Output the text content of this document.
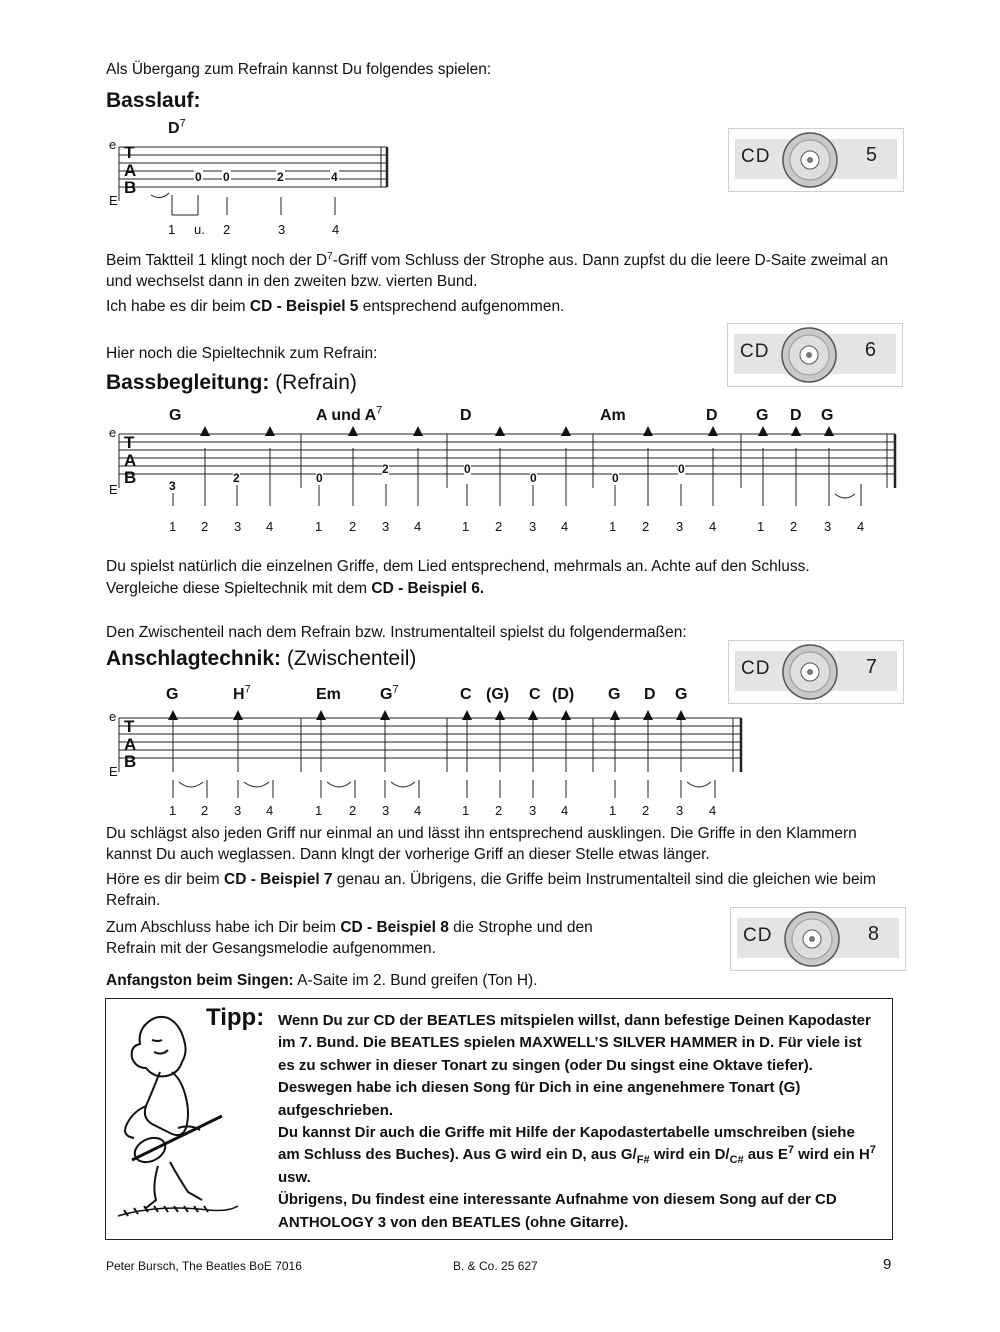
Als Übergang zum Refrain kannst Du folgendes spielen:
Basslauf:
$D^7$
e
E
T
A
B
0 0	2	4
1 u. 2	3	4
CD	5
Beim Taktteil 1 klingt noch der $D^7$-Griff vom Schluss der Strophe aus. Dann zupfst du die leere D-Saite zweimal an und wechselst dann in den zweiten bzw. vierten Bund.
Ich habe es dir beim CD - Beispiel 5 entsprechend aufgenommen.
Hier noch die Spieltechnik zum Refrain:
Bassbegleitung: (Refrain)
CD	6
G	A und $A^7$	D	Am	D G D G
e
E
T
A
B	3
2	0
2	0
0	0
0
1 2 3 4	1 2 3 4	1 2 3 4	1 2 3 4	1 2 3 4
Du spielst natürlich die einzelnen Griffe, dem Lied entsprechend, mehrmals an. Achte auf den Schluss.
Vergleiche diese Spieltechnik mit dem CD - Beispiel 6.
Den Zwischenteil nach dem Refrain bzw. Instrumentalteil spielst du folgendermaßen:
Anschlagtechnik: (Zwischenteil)	CD	7
G	$H^7$	Em $G^7$	C (G) C (D) G D G
e
E
T
A
B
1 2 3 4	1 2 3 4	1 2 3 4	1 2 3 4
Du schlägst also jeden Griff nur einmal an und lässt ihn entsprechend ausklingen. Die Griffe in den Klammern kannst Du auch weglassen. Dann klngt der vorherige Griff an dieser Stelle etwas länger.
Höre es dir beim CD - Beispiel 7 genau an. Übrigens, die Griffe beim Instrumentalteil sind die gleichen wie beim Refrain.
Zum Abschluss habe ich Dir beim CD - Beispiel 8 die Strophe und den Refrain mit der Gesangsmelodie aufgenommen.
CD	8
Anfangston beim Singen: A-Saite im 2. Bund greifen (Ton H).
Tipp: Wenn Du zur CD der BEATLES mitspielen willst, dann befestige Deinen Kapodaster im 7. Bund. Die BEATLES spielen MAXWELL’S SILVER HAMMER in D. Für viele ist es zu schwer in dieser Tonart zu singen (oder Du singst eine Oktave tiefer). Deswegen habe ich diesen Song für Dich in eine angenehmere Tonart (G) aufgeschrieben.
Du kannst Dir auch die Griffe mit Hilfe der Kapodastertabelle umschreiben (siehe am Schluss des Buches). Aus G wird ein D, aus $G/_{F\#}$ wird ein $D/_{C\#}$ aus $E^7$ wird ein $H^7$ usw.
Übrigens, Du findest eine interessante Aufnahme von diesem Song auf der CD ANTHOLOGY 3 von den BEATLES (ohne Gitarre).
Peter Bursch, The Beatles BoE 7016	B. & Co. 25 627	9
